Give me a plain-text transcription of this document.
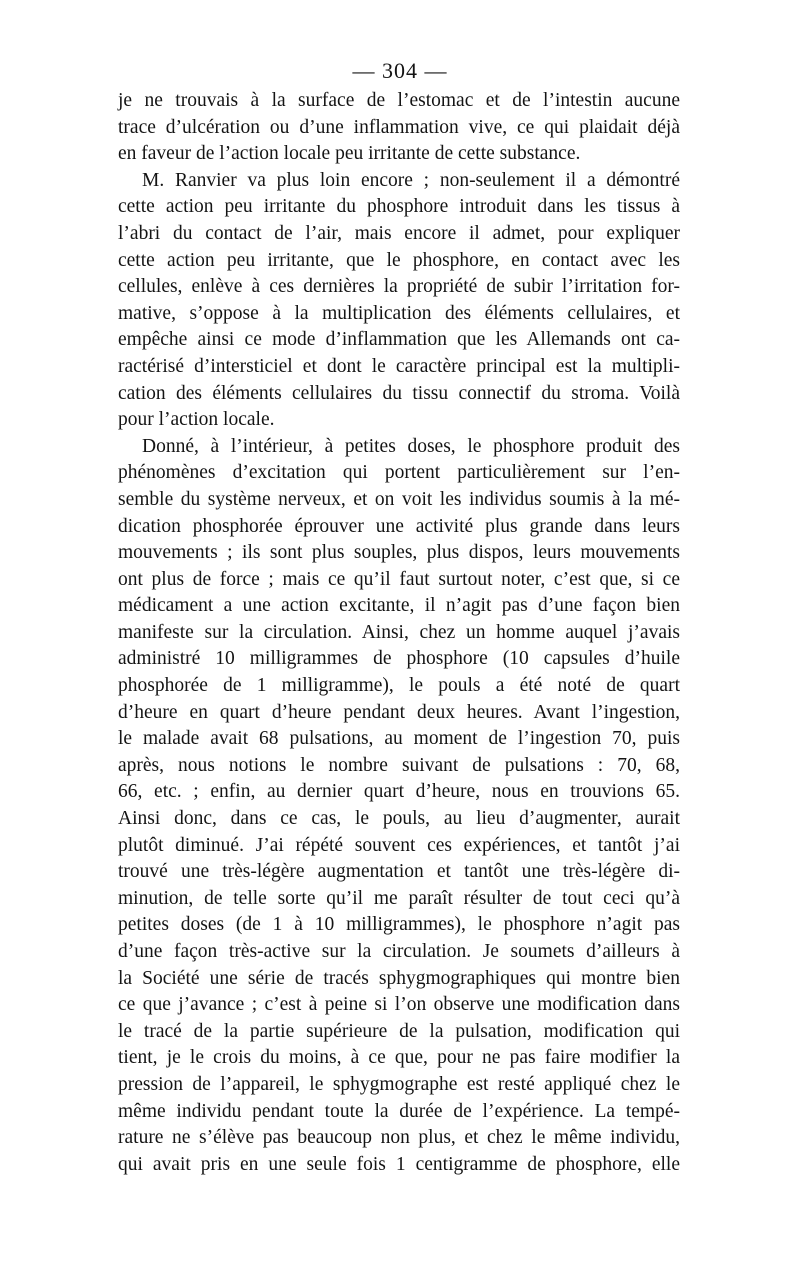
— 304 —
je ne trouvais à la surface de l’estomac et de l’intestin aucune
trace d’ulcération ou d’une inflammation vive, ce qui plaidait déjà
en faveur de l’action locale peu irritante de cette substance.
M. Ranvier va plus loin encore ; non-seulement il a démontré
cette action peu irritante du phosphore introduit dans les tissus à
l’abri du contact de l’air, mais encore il admet, pour expliquer
cette action peu irritante, que le phosphore, en contact avec les
cellules, enlève à ces dernières la propriété de subir l’irritation for-
mative, s’oppose à la multiplication des éléments cellulaires, et
empêche ainsi ce mode d’inflammation que les Allemands ont ca-
ractérisé d’intersticiel et dont le caractère principal est la multipli-
cation des éléments cellulaires du tissu connectif du stroma. Voilà
pour l’action locale.
Donné, à l’intérieur, à petites doses, le phosphore produit des
phénomènes d’excitation qui portent particulièrement sur l’en-
semble du système nerveux, et on voit les individus soumis à la mé-
dication phosphorée éprouver une activité plus grande dans leurs
mouvements ; ils sont plus souples, plus dispos, leurs mouvements
ont plus de force ; mais ce qu’il faut surtout noter, c’est que, si ce
médicament a une action excitante, il n’agit pas d’une façon bien
manifeste sur la circulation. Ainsi, chez un homme auquel j’avais
administré 10 milligrammes de phosphore (10 capsules d’huile
phosphorée de 1 milligramme), le pouls a été noté de quart
d’heure en quart d’heure pendant deux heures. Avant l’ingestion,
le malade avait 68 pulsations, au moment de l’ingestion 70, puis
après, nous notions le nombre suivant de pulsations : 70, 68,
66, etc. ; enfin, au dernier quart d’heure, nous en trouvions 65.
Ainsi donc, dans ce cas, le pouls, au lieu d’augmenter, aurait
plutôt diminué. J’ai répété souvent ces expériences, et tantôt j’ai
trouvé une très-légère augmentation et tantôt une très-légère di-
minution, de telle sorte qu’il me paraît résulter de tout ceci qu’à
petites doses (de 1 à 10 milligrammes), le phosphore n’agit pas
d’une façon très-active sur la circulation. Je soumets d’ailleurs à
la Société une série de tracés sphygmographiques qui montre bien
ce que j’avance ; c’est à peine si l’on observe une modification dans
le tracé de la partie supérieure de la pulsation, modification qui
tient, je le crois du moins, à ce que, pour ne pas faire modifier la
pression de l’appareil, le sphygmographe est resté appliqué chez le
même individu pendant toute la durée de l’expérience. La tempé-
rature ne s’élève pas beaucoup non plus, et chez le même individu,
qui avait pris en une seule fois 1 centigramme de phosphore, elle
